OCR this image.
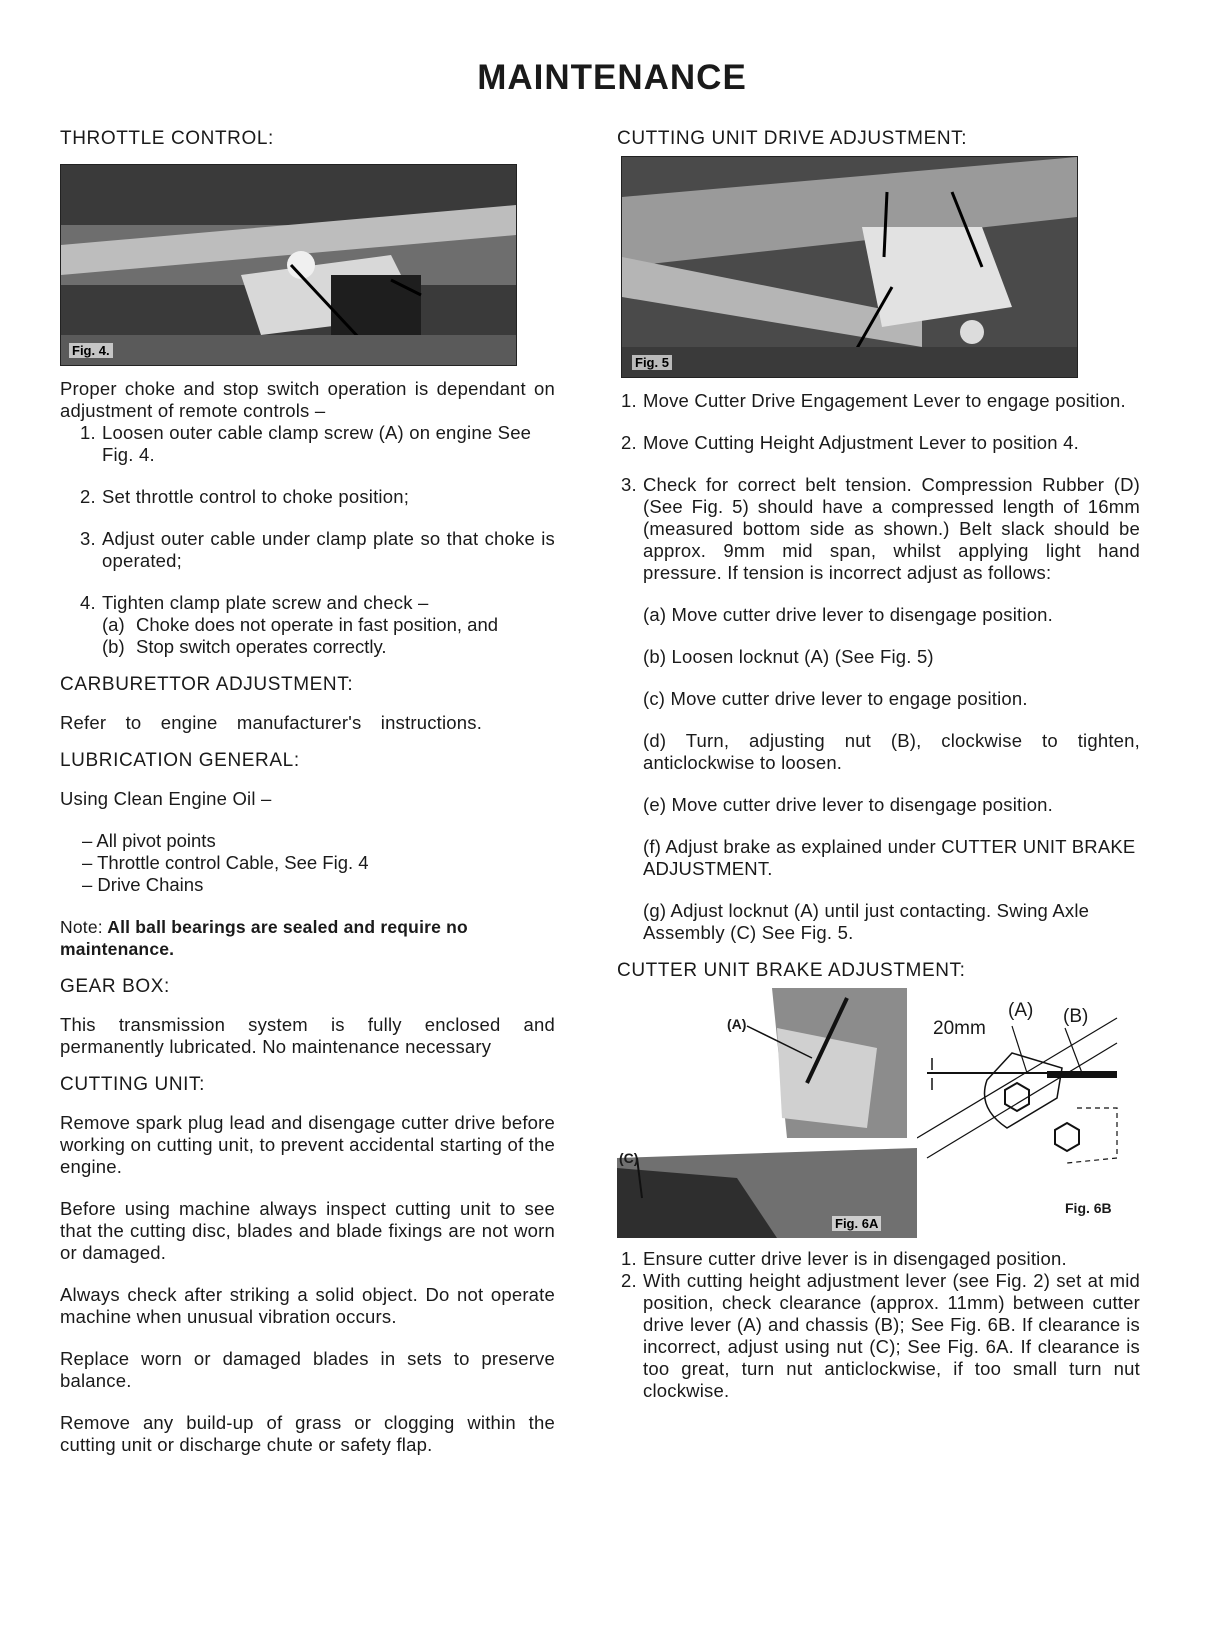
MAINTENANCE
THROTTLE CONTROL:
Fig. 4.

Proper choke and stop switch operation is dependant on adjustment of remote controls –

1. Loosen outer cable clamp screw (A) on engine See Fig. 4.
2. Set throttle control to choke position;
3. Adjust outer cable under clamp plate so that choke is operated;
4. Tighten clamp plate screw and check –
(a) Choke does not operate in fast position, and
(b) Stop switch operates correctly.
CARBURETTOR ADJUSTMENT:

Refer to engine manufacturer's instructions.

LUBRICATION GENERAL:

Using Clean Engine Oil –

– All pivot points
– Throttle control Cable, See Fig. 4
– Drive Chains

Note: All ball bearings are sealed and require no maintenance.

GEAR BOX:

This transmission system is fully enclosed and permanently lubricated. No maintenance necessary

CUTTING UNIT:

Remove spark plug lead and disengage cutter drive before working on cutting unit, to prevent accidental starting of the engine.

Before using machine always inspect cutting unit to see that the cutting disc, blades and blade fixings are not worn or damaged.

Always check after striking a solid object. Do not operate machine when unusual vibration occurs.

Replace worn or damaged blades in sets to preserve balance.

Remove any build-up of grass or clogging within the cutting unit or discharge chute or safety flap.

CUTTING UNIT DRIVE ADJUSTMENT:
Fig. 5
1. Move Cutter Drive Engagement Lever to engage position.
2. Move Cutting Height Adjustment Lever to position 4.
3. Check for correct belt tension. Compression Rubber (D) (See Fig. 5) should have a compressed length of 16mm (measured bottom side as shown.) Belt slack should be approx. 9mm mid span, whilst applying light hand pressure. If tension is incorrect adjust as follows:

(a) Move cutter drive lever to disengage position.

(b) Loosen locknut (A) (See Fig. 5)

(c) Move cutter drive lever to engage position.

(d) Turn, adjusting nut (B), clockwise to tighten, anticlockwise to loosen.

(e) Move cutter drive lever to disengage position.

(f) Adjust brake as explained under CUTTER UNIT BRAKE ADJUSTMENT.

(g) Adjust locknut (A) until just contacting. Swing Axle Assembly (C) See Fig. 5.

CUTTER UNIT BRAKE ADJUSTMENT:
(A)
(C)
Fig. 6A
20mm
(A) (B)
Fig. 6B
1. Ensure cutter drive lever is in disengaged position.
2. With cutting height adjustment lever (see Fig. 2) set at mid position, check clearance (approx. 11mm) between cutter drive lever (A) and chassis (B); See Fig. 6B. If clearance is incorrect, adjust using nut (C); See Fig. 6A. If clearance is too great, turn nut anticlockwise, if too small turn nut clockwise.
